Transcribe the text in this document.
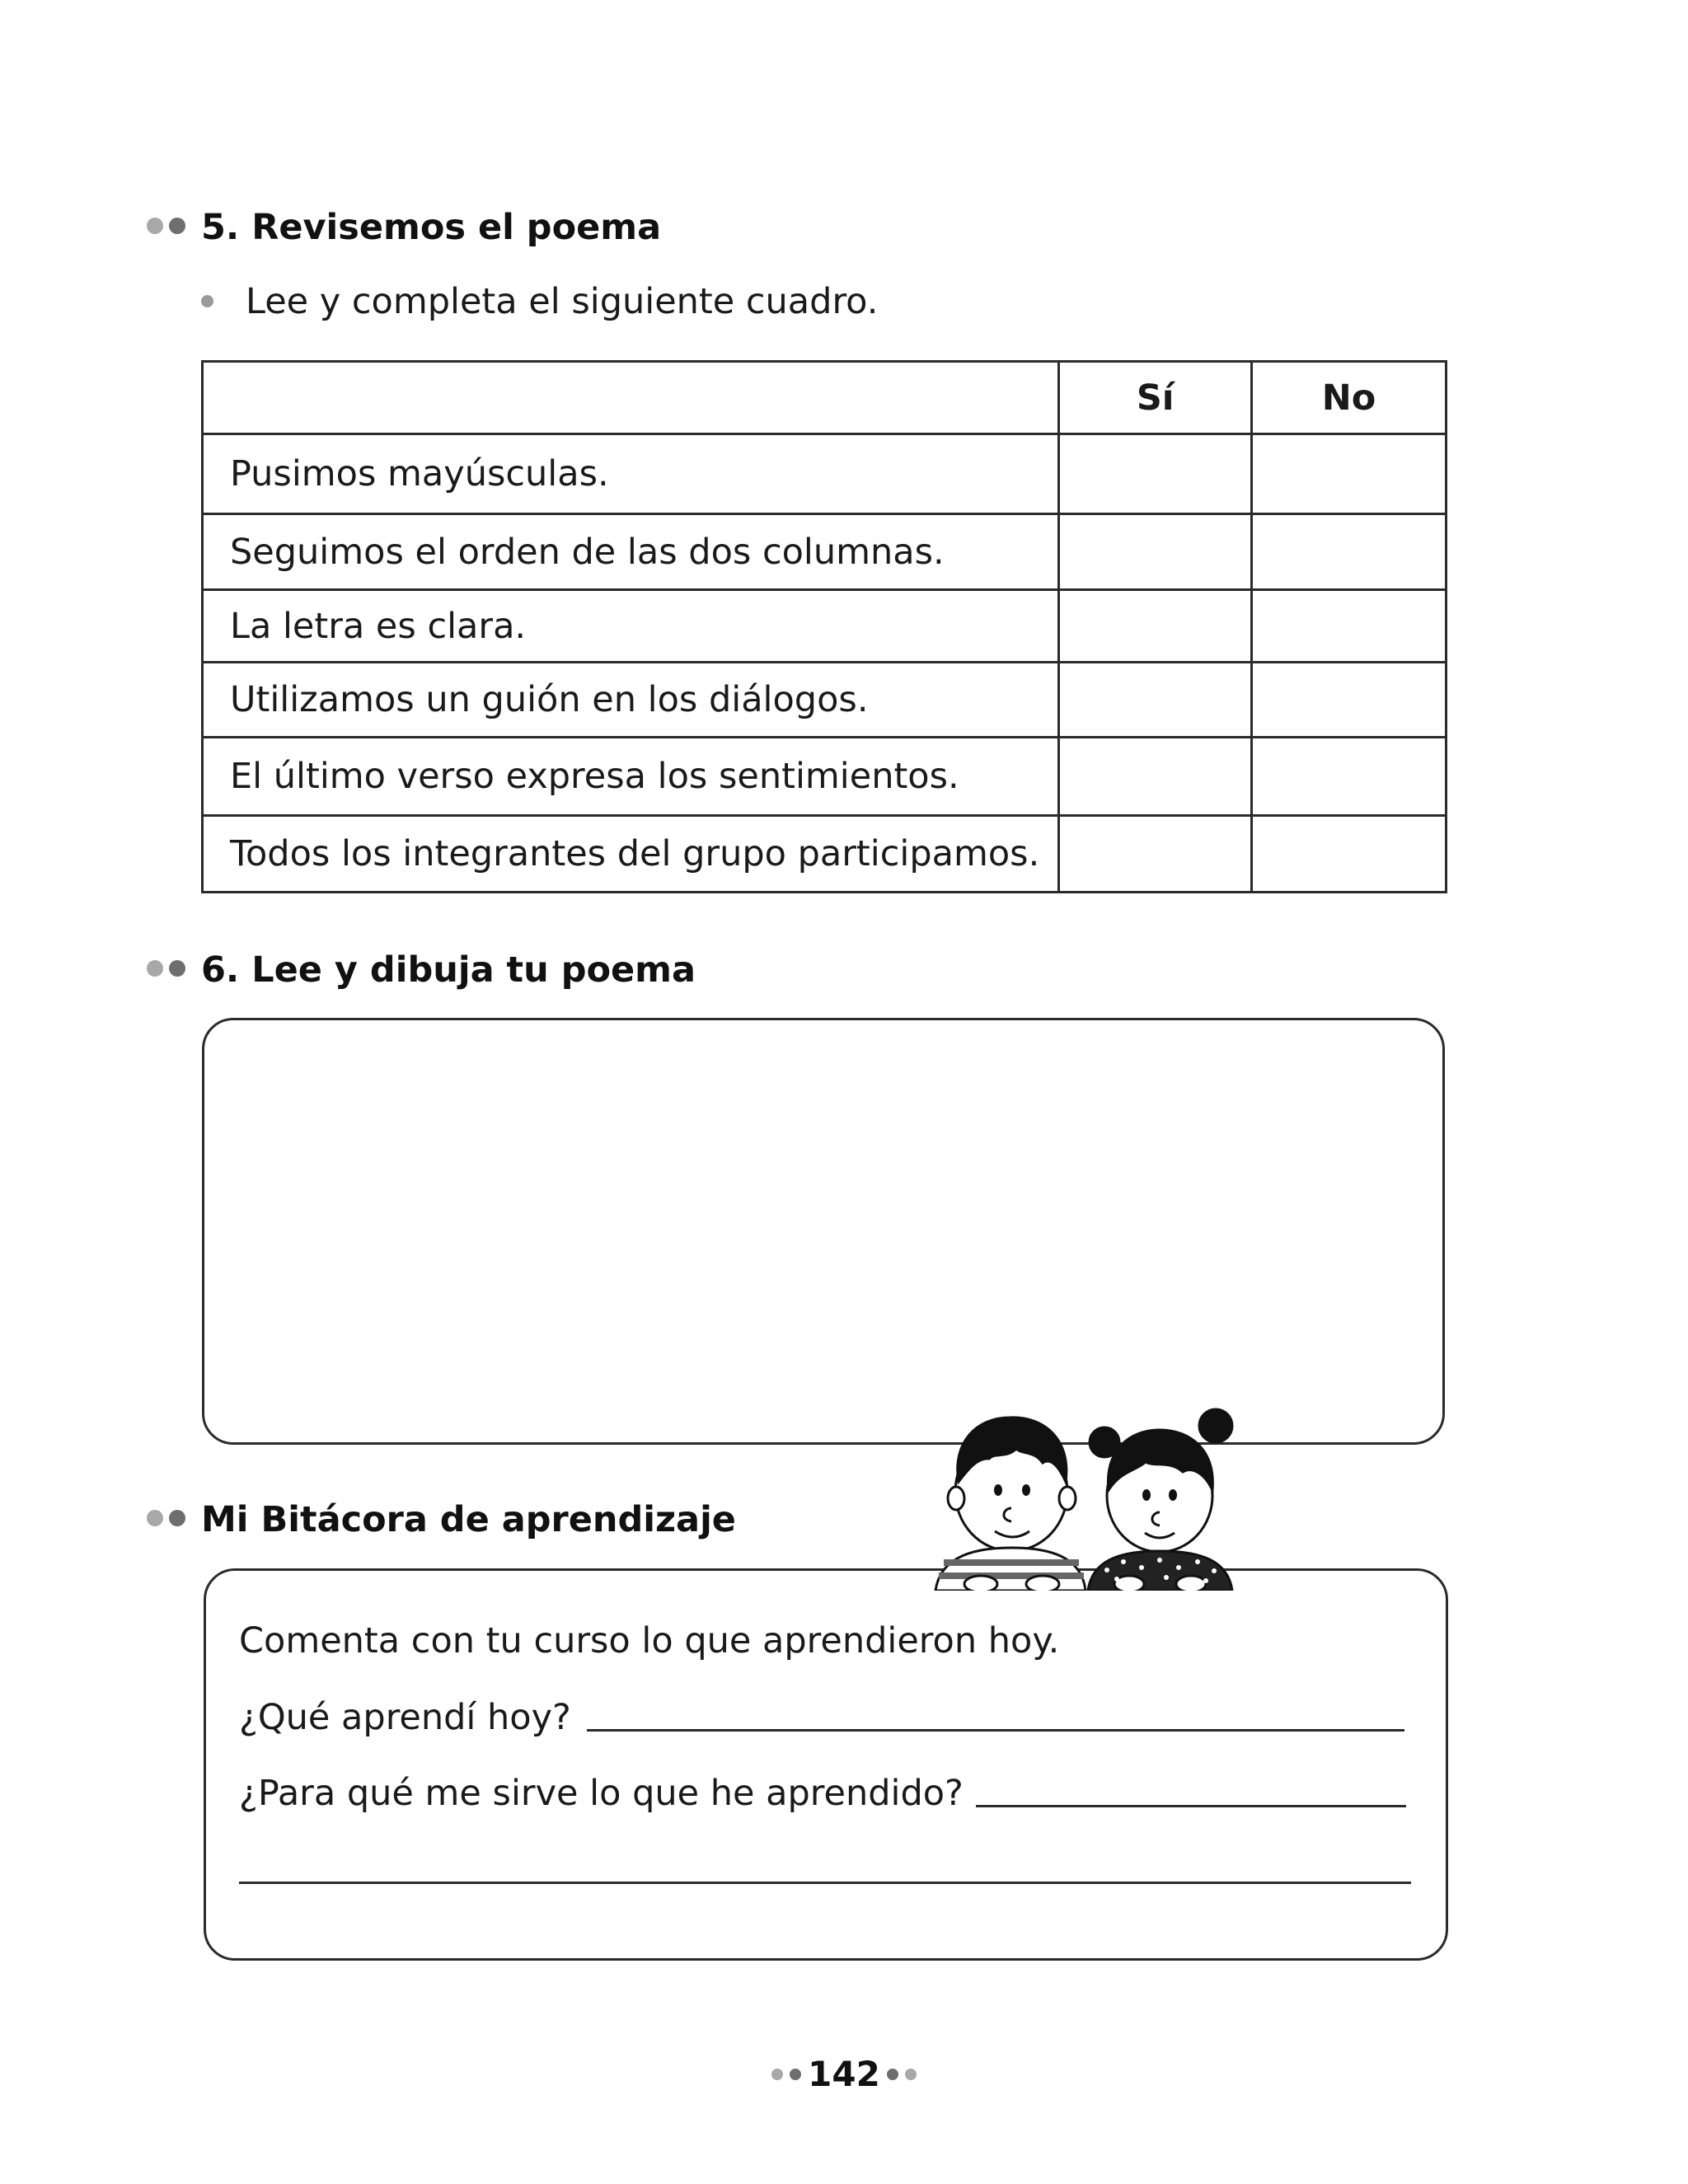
5. Revisemos el poema
Lee y completa el siguiente cuadro.
	Sí	No
Pusimos mayúsculas.		
Seguimos el orden de las dos columnas.		
La letra es clara.		
Utilizamos un guión en los diálogos.		
El último verso expresa los sentimientos.		
Todos los integrantes del grupo participamos.		
6. Lee y dibuja tu poema
Mi Bitácora de aprendizaje
Comenta con tu curso lo que aprendieron hoy.
¿Qué aprendí hoy?
¿Para qué me sirve lo que he aprendido?
142
